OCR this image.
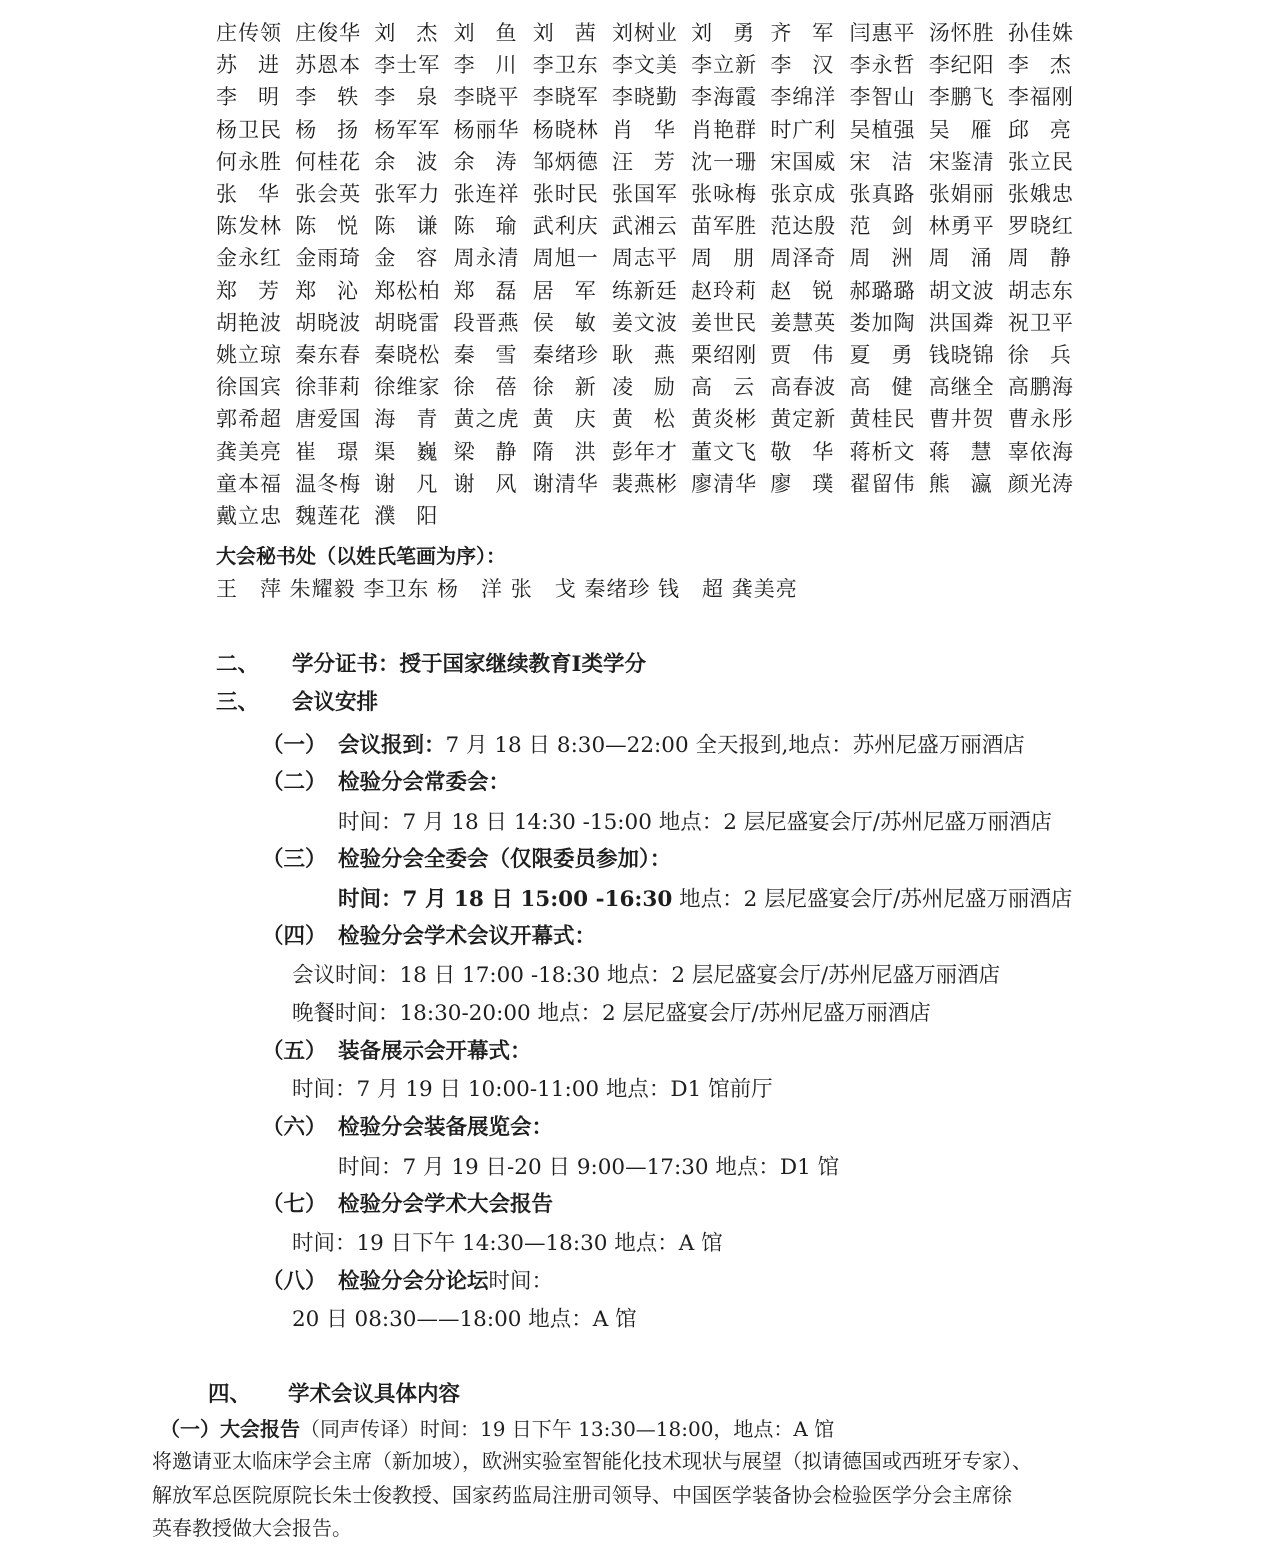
庄传领 庄俊华 刘　杰 刘　鱼 刘　茜 刘树业 刘　勇 齐　军 闫惠平 汤怀胜 孙佳姝
苏　进 苏恩本 李士军 李　川 李卫东 李文美 李立新 李　汉 李永哲 李纪阳 李　杰
李　明 李　轶 李　泉 李晓平 李晓军 李晓勤 李海霞 李绵洋 李智山 李鹏飞 李福刚
杨卫民 杨　扬 杨军军 杨丽华 杨晓林 肖　华 肖艳群 时广利 吴植强 吴　雁 邱　亮
何永胜 何桂花 余　波 余　涛 邹炳德 汪　芳 沈一珊 宋国威 宋　洁 宋鉴清 张立民
张　华 张会英 张军力 张连祥 张时民 张国军 张咏梅 张京成 张真路 张娟丽 张娥忠
陈发林 陈　悦 陈　谦 陈　瑜 武利庆 武湘云 苗军胜 范达殷 范　剑 林勇平 罗晓红
金永红 金雨琦 金　容 周永清 周旭一 周志平 周　朋 周泽奇 周　洲 周　涌 周　静
郑　芳 郑　沁 郑松柏 郑　磊 居　军 练新廷 赵玲莉 赵　锐 郝璐璐 胡文波 胡志东
胡艳波 胡晓波 胡晓雷 段晋燕 侯　敏 姜文波 姜世民 姜慧英 娄加陶 洪国粦 祝卫平
姚立琼 秦东春 秦晓松 秦　雪 秦绪珍 耿　燕 栗绍刚 贾　伟 夏　勇 钱晓锦 徐　兵
徐国宾 徐菲莉 徐维家 徐　蓓 徐　新 凌　励 高　云 高春波 高　健 高继全 高鹏海
郭希超 唐爱国 海　青 黄之虎 黄　庆 黄　松 黄炎彬 黄定新 黄桂民 曹井贺 曹永彤
龚美亮 崔　璟 渠　巍 梁　静 隋　洪 彭年才 董文飞 敬　华 蒋析文 蒋　慧 辜依海
童本福 温冬梅 谢　凡 谢　风 谢清华 裴燕彬 廖清华 廖　璞 翟留伟 熊　瀛 颜光涛
戴立忠 魏莲花 濮　阳
大会秘书处（以姓氏笔画为序）：
王　萍 朱耀毅 李卫东 杨　洋 张　戈 秦绪珍 钱　超 龚美亮
二、 学分证书：授于国家继续教育Ⅰ类学分
三、 会议安排
（一） 会议报到：7 月 18 日 8:30—22:00 全天报到,地点：苏州尼盛万丽酒店
（二） 检验分会常委会：
时间：7 月 18 日 14:30 -15:00 地点：2 层尼盛宴会厅/苏州尼盛万丽酒店
（三） 检验分会全委会（仅限委员参加）：
时间：7 月 18 日 15:00 -16:30 地点：2 层尼盛宴会厅/苏州尼盛万丽酒店
（四） 检验分会学术会议开幕式：
会议时间：18 日 17:00 -18:30 地点：2 层尼盛宴会厅/苏州尼盛万丽酒店
晚餐时间：18:30-20:00 地点：2 层尼盛宴会厅/苏州尼盛万丽酒店
（五） 装备展示会开幕式：
时间：7 月 19 日 10:00-11:00 地点：D1 馆前厅
（六） 检验分会装备展览会：
时间：7 月 19 日-20 日 9:00—17:30 地点：D1 馆
（七） 检验分会学术大会报告
时间：19 日下午 14:30—18:30 地点：A 馆
（八） 检验分会分论坛时间：
20 日 08:30——18:00 地点：A 馆
四、 学术会议具体内容
（一）大会报告（同声传译）时间：19 日下午 13:30—18:00，地点：A 馆
将邀请亚太临床学会主席（新加坡），欧洲实验室智能化技术现状与展望（拟请德国或西班牙专家）、
解放军总医院原院长朱士俊教授、国家药监局注册司领导、中国医学装备协会检验医学分会主席徐
英春教授做大会报告。
